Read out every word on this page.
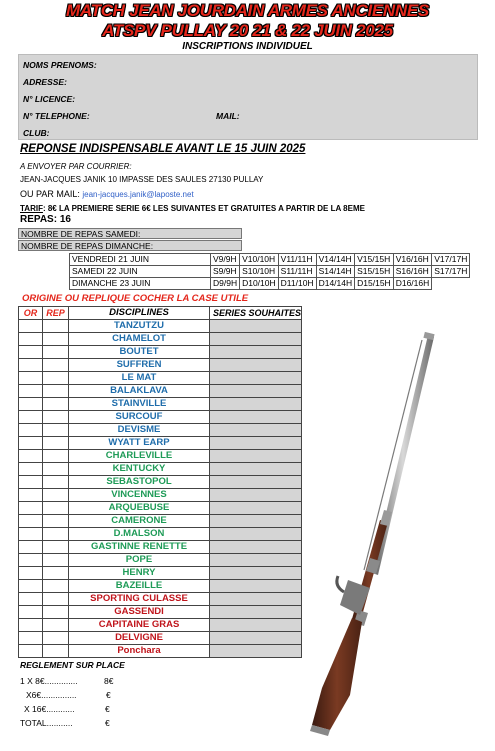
MATCH JEAN JOURDAIN ARMES ANCIENNES
ATSPV PULLAY 20 21 & 22 JUIN 2025
INSCRIPTIONS INDIVIDUEL
NOMS PRENOMS:
ADRESSE:
N° LICENCE:
N° TELEPHONE:	MAIL:
CLUB:
REPONSE INDISPENSABLE AVANT LE 15 JUIN 2025
A ENVOYER PAR COURRIER:
JEAN-JACQUES JANIK 10 IMPASSE DES SAULES 27130 PULLAY
OU PAR MAIL: jean-jacques.janik@laposte.net
TARIF: 8€ LA PREMIERE SERIE 6€ LES SUIVANTES ET GRATUITES A PARTIR DE LA 8EME
REPAS: 16
NOMBRE DE REPAS SAMEDI:
NOMBRE DE REPAS DIMANCHE:
VENDREDI 21 JUIN	V9/9H	V10/10H	V11/11H	V14/14H	V15/15H	V16/16H	V17/17H
SAMEDI 22 JUIN	S9/9H	S10/10H	S11/11H	S14/14H	S15/15H	S16/16H	S17/17H
DIMANCHE 23 JUIN	D9/9H	D10/10H	D11/10H	D14/14H	D15/15H	D16/16H	
ORIGINE OU REPLIQUE COCHER LA CASE UTILE
OR	REP	DISCIPLINES	SERIES SOUHAITES
		TANZUTZU	
		CHAMELOT	
		BOUTET	
		SUFFREN	
		LE MAT	
		BALAKLAVA	
		STAINVILLE	
		SURCOUF	
		DEVISME	
		WYATT EARP	
		CHARLEVILLE	
		KENTUCKY	
		SEBASTOPOL	
		VINCENNES	
		ARQUEBUSE	
		CAMERONE	
		D.MALSON	
		GASTINNE RENETTE	
		POPE	
		HENRY	
		BAZEILLE	
		SPORTING CULASSE	
		GASSENDI	
		CAPITAINE GRAS	
		DELVIGNE	
		Ponchara	
REGLEMENT SUR PLACE
1 X 8€..............	8€
X6€...............	€
X 16€............	€
TOTAL...........	€
